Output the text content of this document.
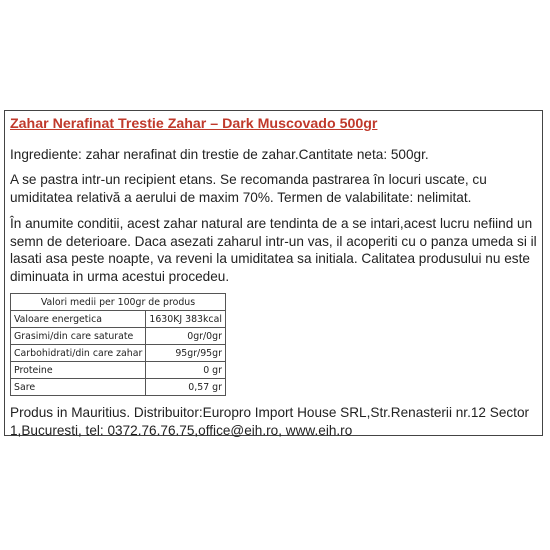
Zahar Nerafinat Trestie Zahar – Dark Muscovado 500gr
Ingrediente: zahar nerafinat din trestie de zahar.Cantitate neta: 500gr.
A se pastra intr-un recipient etans. Se recomanda pastrarea în locuri uscate, cu umiditatea relativă a aerului de maxim 70%. Termen de valabilitate: nelimitat.
În anumite conditii, acest zahar natural are tendinta de a se intari,acest lucru nefiind un semn de deterioare. Daca asezati zaharul intr-un vas, il acoperiti cu o panza umeda si il lasati asa peste noapte, va reveni la umiditatea sa initiala. Calitatea produsului nu este diminuata in urma acestui procedeu.
Valori medii per 100gr de produs	
Valoare energetica	1630KJ 383kcal
Grasimi/din care saturate	0gr/0gr
Carbohidrati/din care zahar	95gr/95gr
Proteine	0 gr
Sare	0,57 gr
Produs in Mauritius. Distribuitor:Europro Import House SRL,Str.Renasterii nr.12 Sector 1,Bucuresti, tel: 0372.76.76.75,office@eih.ro, www.eih.ro
